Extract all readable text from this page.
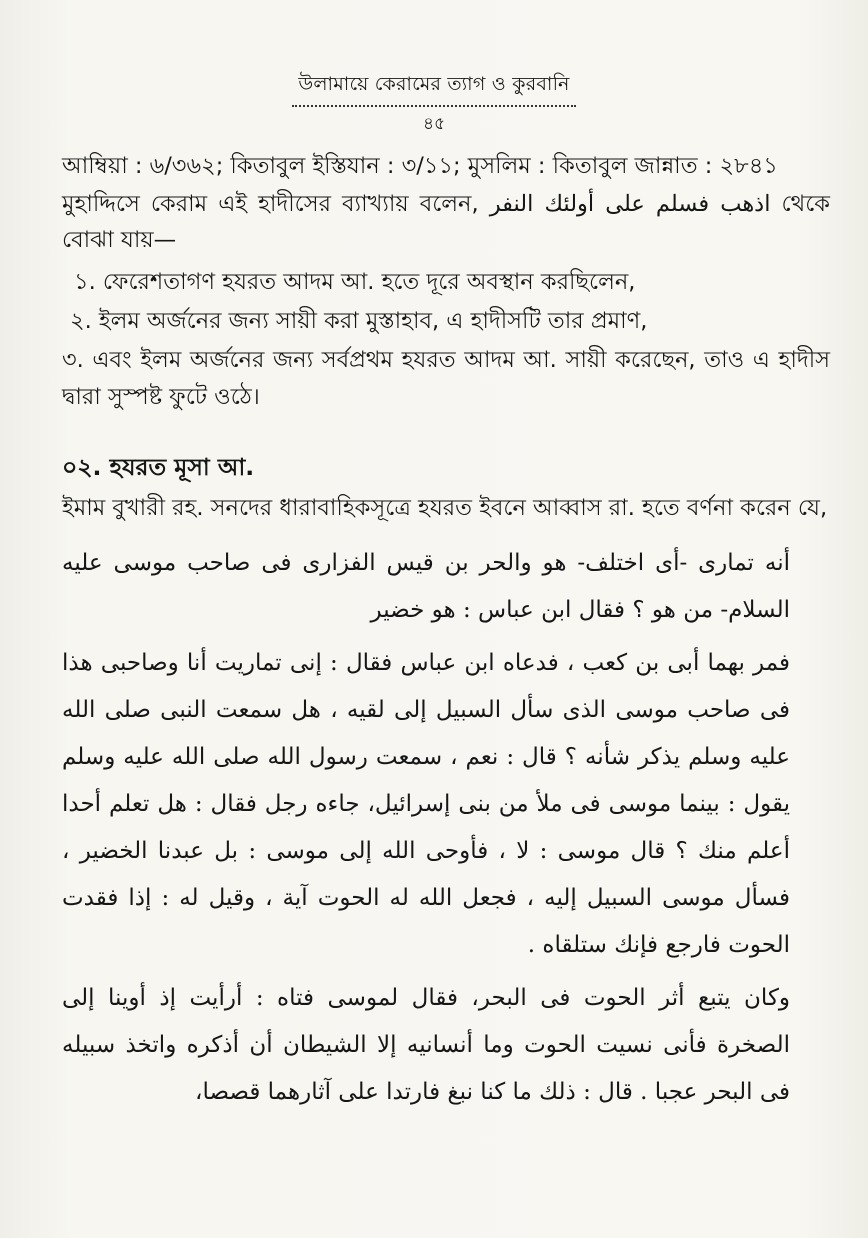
উলামায়ে কেরামের ত্যাগ ও কুরবানি
৪৫

আম্বিয়া : ৬/৩৬২; কিতাবুল ইস্তিযান : ৩/১১; মুসলিম : কিতাবুল জান্নাত : ২৮৪১

মুহাদ্দিসে কেরাম এই হাদীসের ব্যাখ্যায় বলেন, اذهب فسلم على أولئك النفر থেকে বোঝা যায়—

১. ফেরেশতাগণ হযরত আদম আ. হতে দূরে অবস্থান করছিলেন,

২. ইলম অর্জনের জন্য সায়ী করা মুস্তাহাব, এ হাদীসটি তার প্রমাণ,

৩. এবং ইলম অর্জনের জন্য সর্বপ্রথম হযরত আদম আ. সায়ী করেছেন, তাও এ হাদীস দ্বারা সুস্পষ্ট ফুটে ওঠে।

০২. হযরত মূসা আ.

ইমাম বুখারী রহ. সনদের ধারাবাহিকসূত্রে হযরত ইবনে আব্বাস রা. হতে বর্ণনা করেন যে,

أنه تمارى -أى اختلف- هو والحر بن قيس الفزارى فى صاحب موسى عليه السلام- من هو ؟ فقال ابن عباس : هو خضير

فمر بهما أبى بن كعب ، فدعاه ابن عباس فقال : إنى تماريت أنا وصاحبى هذا فى صاحب موسى الذى سأل السبيل إلى لقيه ، هل سمعت النبى صلى الله عليه وسلم يذكر شأنه ؟ قال : نعم ، سمعت رسول الله صلى الله عليه وسلم يقول : بينما موسى فى ملأ من بنى إسرائيل، جاءه رجل فقال : هل تعلم أحدا أعلم منك ؟ قال موسى : لا ، فأوحى الله إلى موسى : بل عبدنا الخضير ، فسأل موسى السبيل إليه ، فجعل الله له الحوت آية ، وقيل له : إذا فقدت الحوت فارجع فإنك ستلقاه .

وكان يتبع أثر الحوت فى البحر، فقال لموسى فتاه : أرأيت إذ أوينا إلى الصخرة فأنى نسيت الحوت وما أنسانيه إلا الشيطان أن أذكره واتخذ سبيله فى البحر عجبا . قال : ذلك ما كنا نبغ فارتدا على آثارهما قصصا،
